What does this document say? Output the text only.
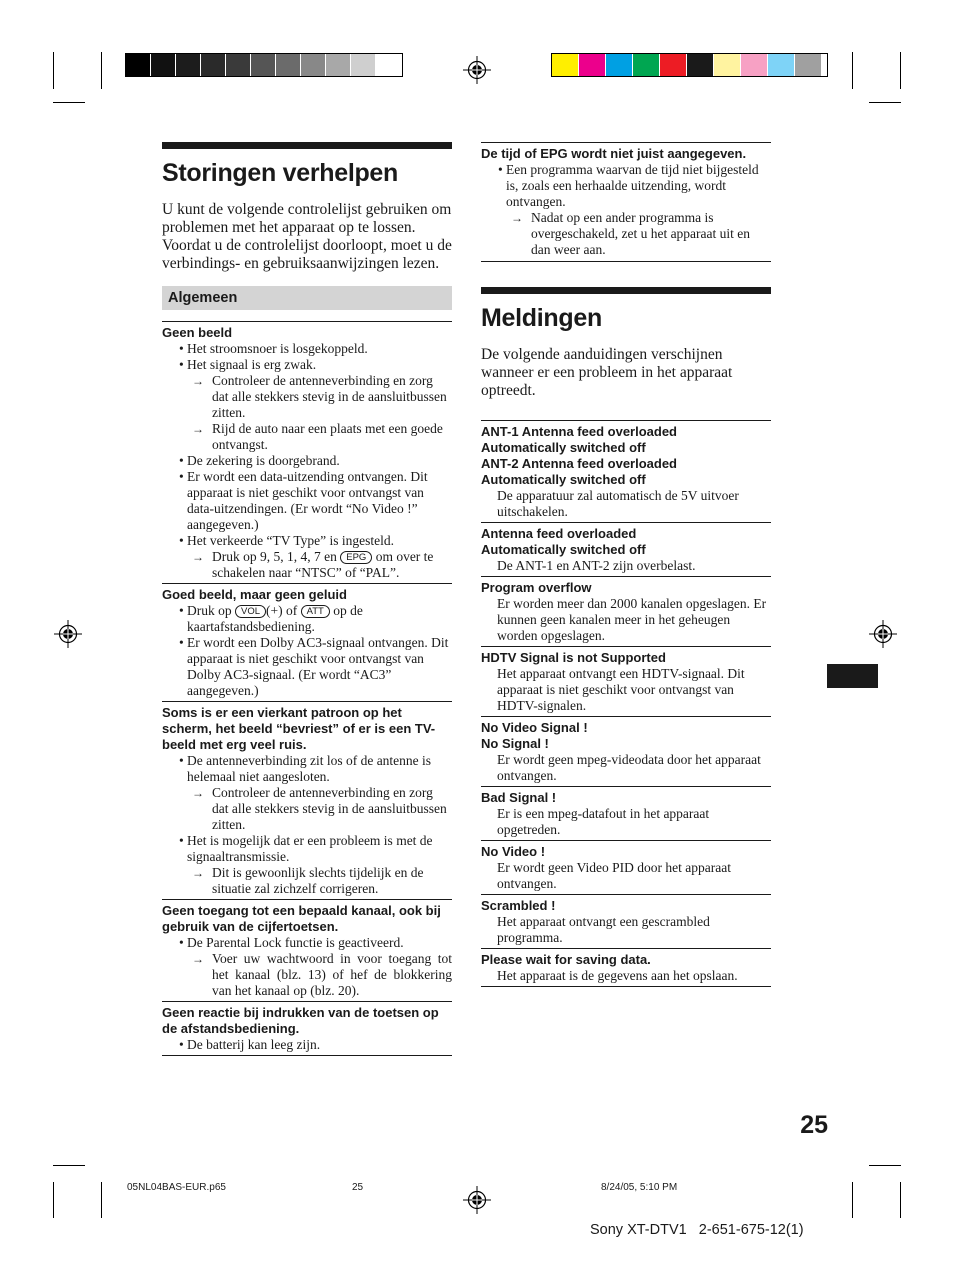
Storingen verhelpen

U kunt de volgende controlelijst gebruiken om problemen met het apparaat op te lossen.

Voordat u de controlelijst doorloopt, moet u de verbindings- en gebruiksaanwijzingen lezen.

Algemeen
Geen beeld
• Het stroomsnoer is losgekoppeld.
• Het signaal is erg zwak.
→ Controleer de antenneverbinding en zorg dat alle stekkers stevig in de aansluitbussen zitten.
→ Rijd de auto naar een plaats met een goede ontvangst.
• De zekering is doorgebrand.
• Er wordt een data-uitzending ontvangen. Dit apparaat is niet geschikt voor ontvangst van data-uitzendingen. (Er wordt “No Video !” aangegeven.)
• Het verkeerde “TV Type” is ingesteld.
→ Druk op 9, 5, 1, 4, 7 en EPG om over te schakelen naar “NTSC” of “PAL”.
Goed beeld, maar geen geluid
• Druk op VOL (+) of ATT op de kaartafstandsbediening.
• Er wordt een Dolby AC3-signaal ontvangen. Dit apparaat is niet geschikt voor ontvangst van Dolby AC3-signaal. (Er wordt “AC3” aangegeven.)
Soms is er een vierkant patroon op het scherm, het beeld “bevriest” of er is een TV-beeld met erg veel ruis.
• De antenneverbinding zit los of de antenne is helemaal niet aangesloten.
→ Controleer de antenneverbinding en zorg dat alle stekkers stevig in de aansluitbussen zitten.
• Het is mogelijk dat er een probleem is met de signaaltransmissie.
→ Dit is gewoonlijk slechts tijdelijk en de situatie zal zichzelf corrigeren.
Geen toegang tot een bepaald kanaal, ook bij gebruik van de cijfertoetsen.
• De Parental Lock functie is geactiveerd.
→ Voer uw wachtwoord in voor toegang tot het kanaal (blz. 13) of hef de blokkering van het kanaal op (blz. 20).
Geen reactie bij indrukken van de toetsen op de afstandsbediening.
• De batterij kan leeg zijn.
De tijd of EPG wordt niet juist aangegeven.
• Een programma waarvan de tijd niet bijgesteld is, zoals een herhaalde uitzending, wordt ontvangen.
→ Nadat op een ander programma is overgeschakeld, zet u het apparaat uit en dan weer aan.
Meldingen
De volgende aanduidingen verschijnen wanneer er een probleem in het apparaat optreedt.
ANT-1 Antenna feed overloaded
Automatically switched off
ANT-2 Antenna feed overloaded
Automatically switched off
De apparatuur zal automatisch de 5V uitvoer uitschakelen.
Antenna feed overloaded
Automatically switched off
De ANT-1 en ANT-2 zijn overbelast.
Program overflow
Er worden meer dan 2000 kanalen opgeslagen. Er kunnen geen kanalen meer in het geheugen worden opgeslagen.
HDTV Signal is not Supported
Het apparaat ontvangt een HDTV-signaal. Dit apparaat is niet geschikt voor ontvangst van HDTV-signalen.
No Video Signal !
No Signal !
Er wordt geen mpeg-videodata door het apparaat ontvangen.
Bad Signal !
Er is een mpeg-datafout in het apparaat opgetreden.
No Video !
Er wordt geen Video PID door het apparaat ontvangen.
Scrambled !
Het apparaat ontvangt een gescrambled programma.
Please wait for saving data.
Het apparaat is de gegevens aan het opslaan.
25
05NL04BAS-EUR.p65	25	8/24/05, 5:10 PM
Sony XT-DTV1   2-651-675-12(1)
